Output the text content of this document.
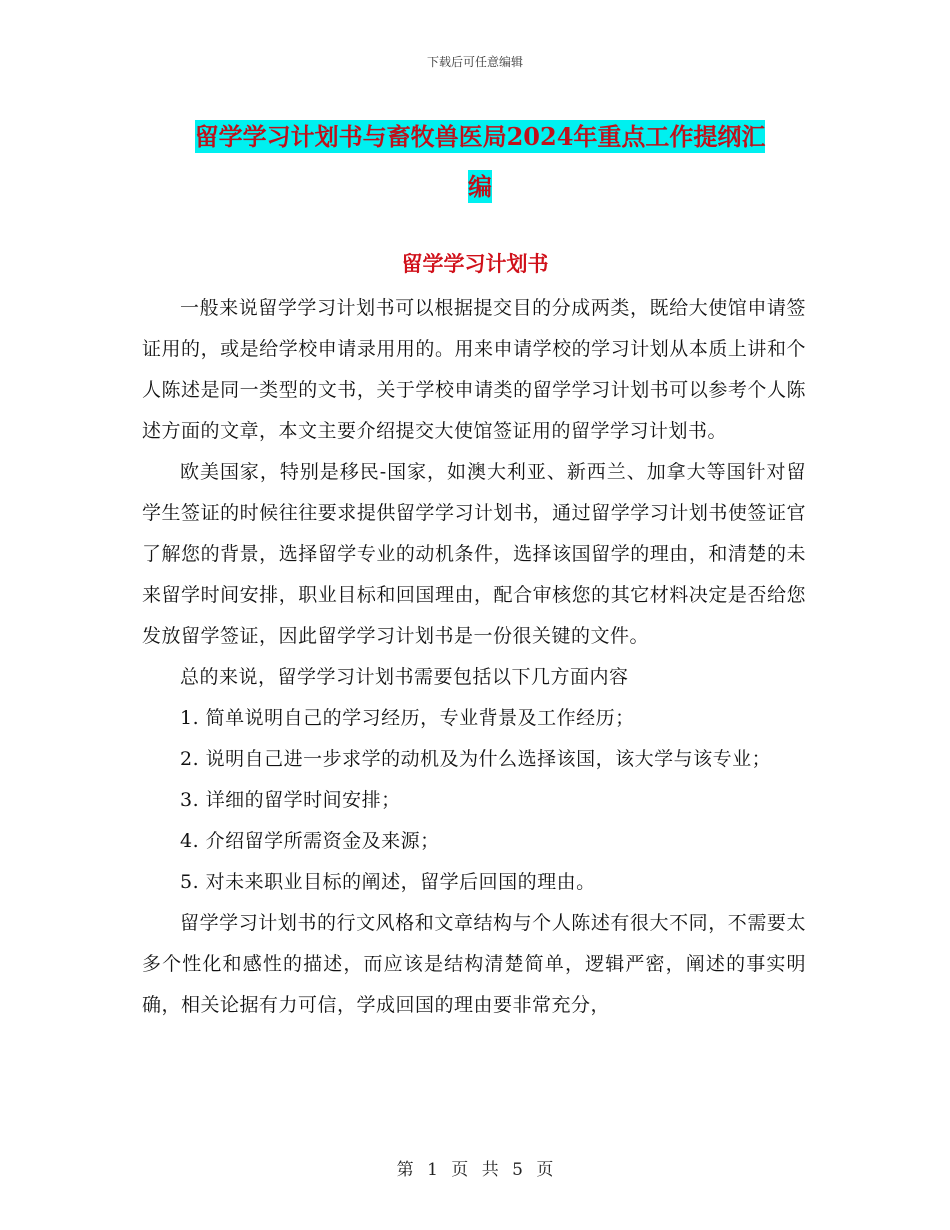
下载后可任意编辑
留学学习计划书与畜牧兽医局2024年重点工作提纲汇
编
留学学习计划书

一般来说留学学习计划书可以根据提交目的分成两类，既给大使馆申请签证用的，或是给学校申请录用用的。用来申请学校的学习计划从本质上讲和个人陈述是同一类型的文书，关于学校申请类的留学学习计划书可以参考个人陈述方面的文章，本文主要介绍提交大使馆签证用的留学学习计划书。

欧美国家，特别是移民-国家，如澳大利亚、新西兰、加拿大等国针对留学生签证的时候往往要求提供留学学习计划书，通过留学学习计划书使签证官了解您的背景，选择留学专业的动机条件，选择该国留学的理由，和清楚的未来留学时间安排，职业目标和回国理由，配合审核您的其它材料决定是否给您发放留学签证，因此留学学习计划书是一份很关键的文件。

总的来说，留学学习计划书需要包括以下几方面内容

1. 简单说明自己的学习经历，专业背景及工作经历；

2. 说明自己进一步求学的动机及为什么选择该国，该大学与该专业；

3. 详细的留学时间安排；

4. 介绍留学所需资金及来源；

5. 对未来职业目标的阐述，留学后回国的理由。

留学学习计划书的行文风格和文章结构与个人陈述有很大不同，不需要太多个性化和感性的描述，而应该是结构清楚简单，逻辑严密，阐述的事实明确，相关论据有力可信，学成回国的理由要非常充分，

第 1 页 共 5 页
